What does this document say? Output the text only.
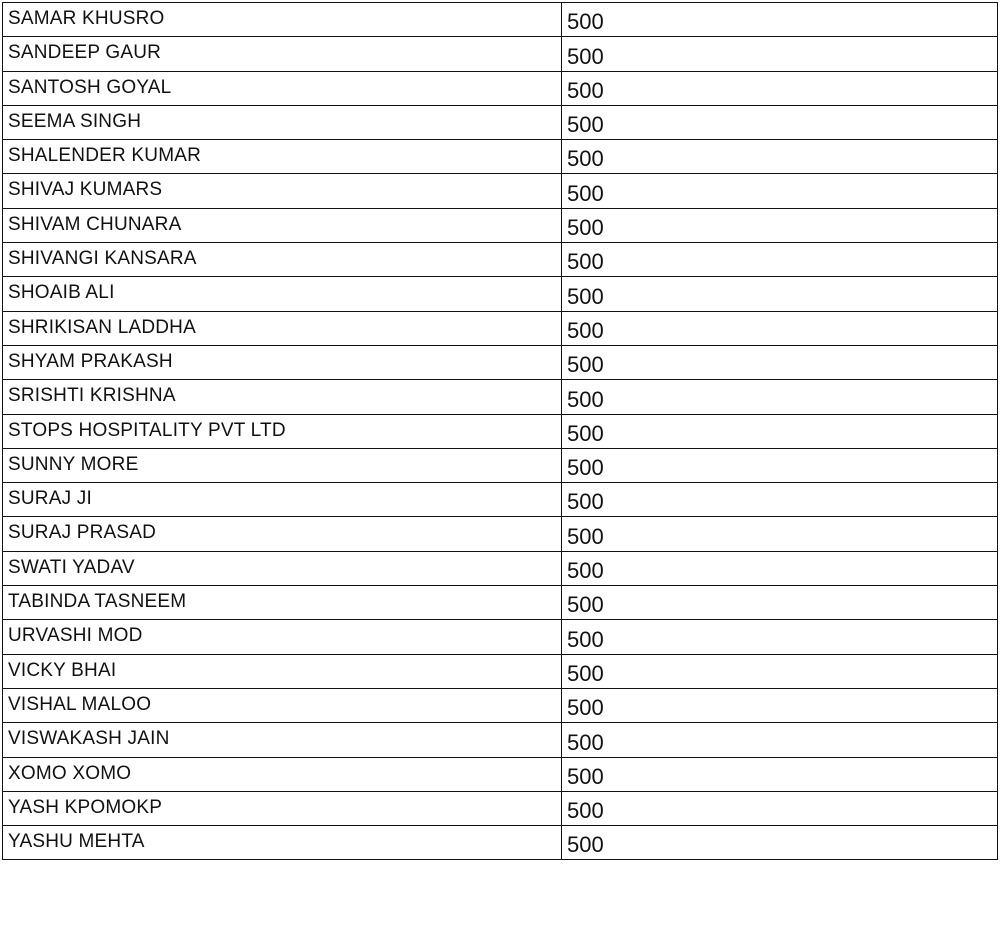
SAMAR KHUSRO	500
SANDEEP GAUR	500
SANTOSH GOYAL	500
SEEMA SINGH	500
SHALENDER KUMAR	500
SHIVAJ KUMARS	500
SHIVAM CHUNARA	500
SHIVANGI KANSARA	500
SHOAIB ALI	500
SHRIKISAN LADDHA	500
SHYAM PRAKASH	500
SRISHTI KRISHNA	500
STOPS HOSPITALITY PVT LTD	500
SUNNY MORE	500
SURAJ JI	500
SURAJ PRASAD	500
SWATI YADAV	500
TABINDA TASNEEM	500
URVASHI MOD	500
VICKY BHAI	500
VISHAL MALOO	500
VISWAKASH JAIN	500
XOMO XOMO	500
YASH KPOMOKP	500
YASHU MEHTA	500
